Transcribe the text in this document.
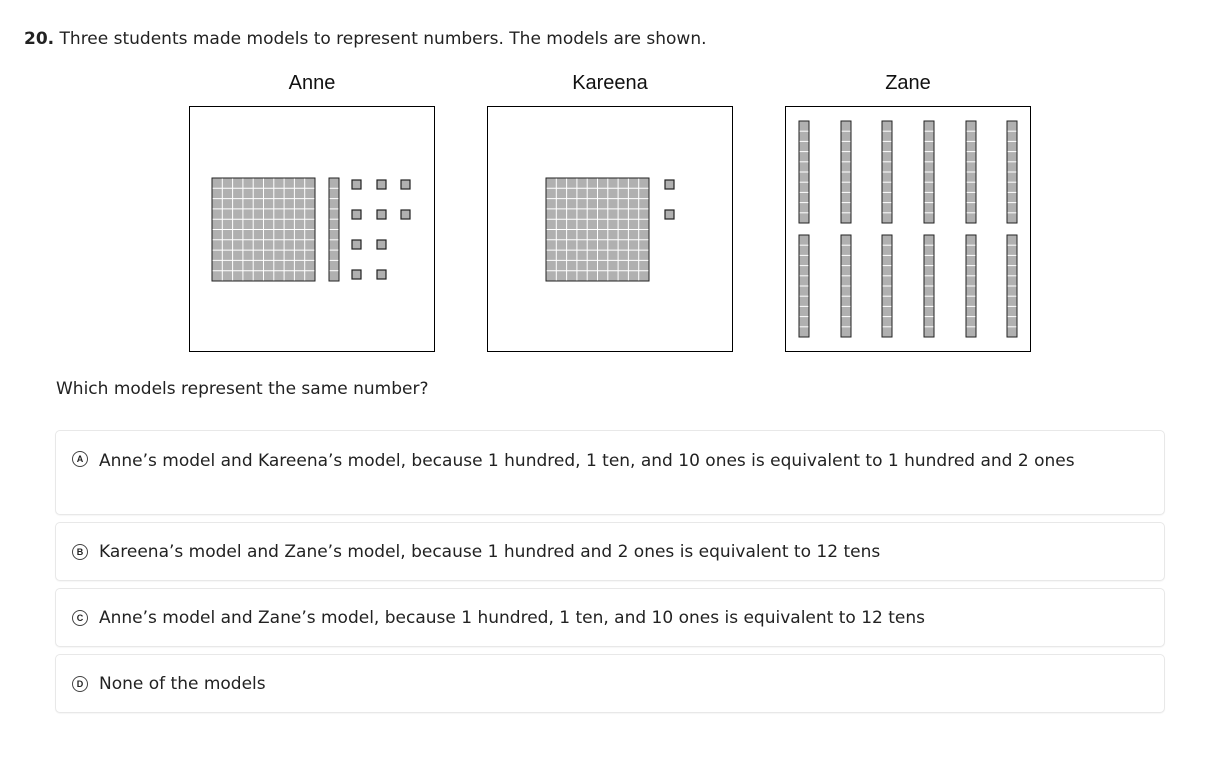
20. Three students made models to represent numbers. The models are shown.
Anne	Kareena	Zane
Which models represent the same number?
A Anne’s model and Kareena’s model, because 1 hundred, 1 ten, and 10 ones is equivalent to 1 hundred and 2 ones
B Kareena’s model and Zane’s model, because 1 hundred and 2 ones is equivalent to 12 tens
C Anne’s model and Zane’s model, because 1 hundred, 1 ten, and 10 ones is equivalent to 12 tens
D None of the models
